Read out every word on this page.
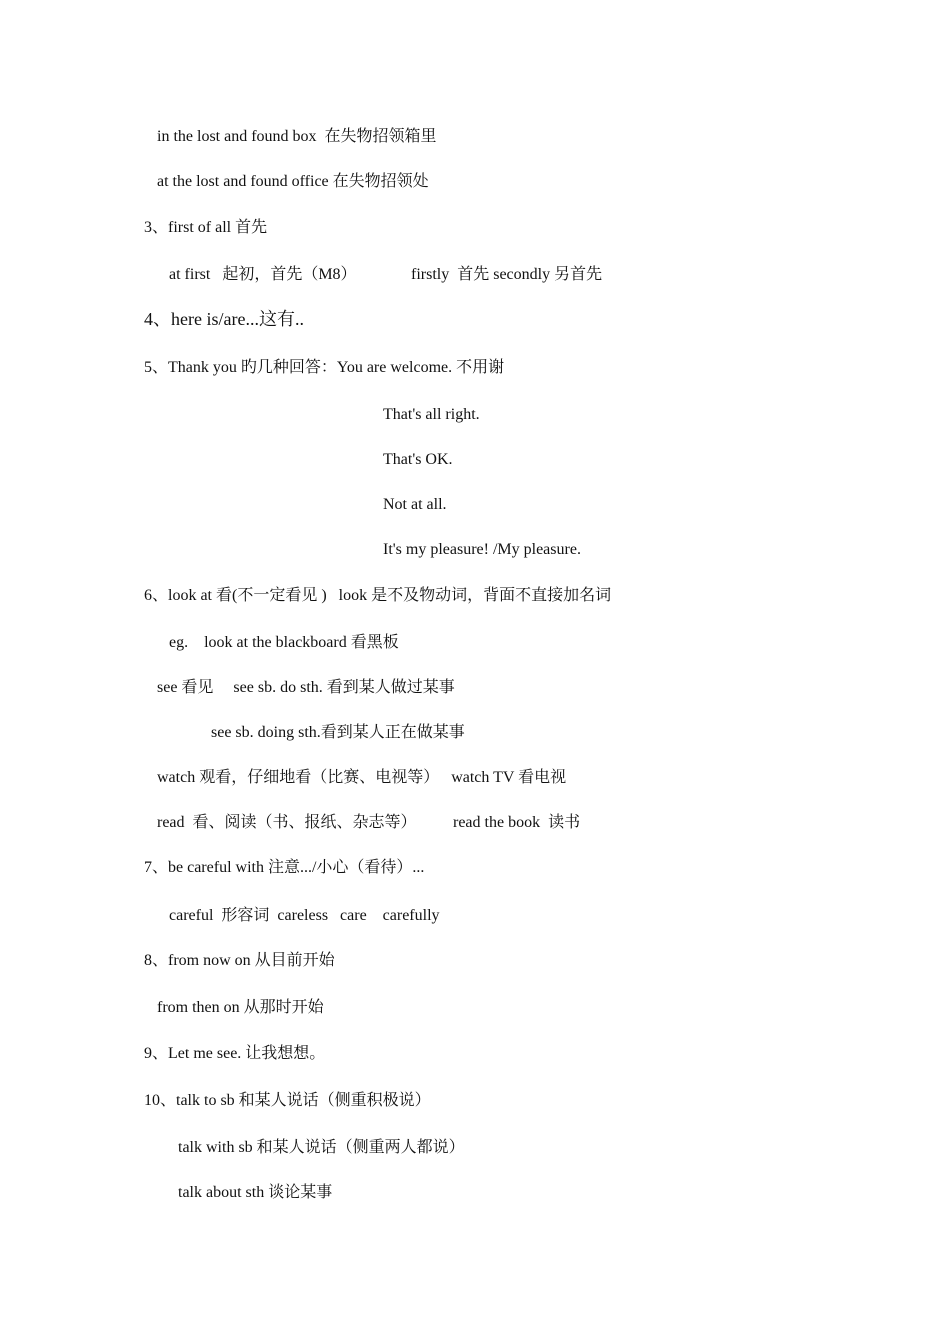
in the lost and found box  在失物招领箱里
at the lost and found office 在失物招领处
3、first of all 首先
at first   起初，首先（M8）	firstly  首先 secondly 另首先
4、here is/are...这有..
5、Thank you 旳几种回答：You are welcome. 不用谢
That's all right.
That's OK.
Not at all.
It's my pleasure! /My pleasure.
6、look at 看(不一定看见 )   look 是不及物动词，背面不直接加名词
eg.    look at the blackboard 看黑板
see 看见     see sb. do sth. 看到某人做过某事
see sb. doing sth.看到某人正在做某事
watch 观看，仔细地看（比赛、电视等）   watch TV 看电视
read  看、阅读（书、报纸、杂志等） read the book  读书
7、be careful with 注意.../小心（看待）...
careful  形容词  careless   care    carefully
8、from now on 从目前开始
from then on 从那时开始
9、Let me see. 让我想想。
10、talk to sb 和某人说话（侧重积极说）
talk with sb 和某人说话（侧重两人都说）
talk about sth 谈论某事
